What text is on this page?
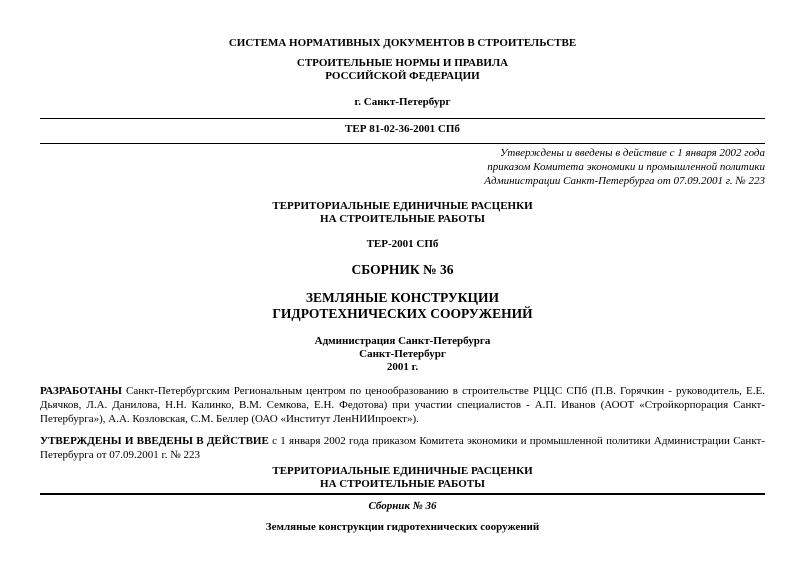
СИСТЕМА НОРМАТИВНЫХ ДОКУМЕНТОВ В СТРОИТЕЛЬСТВЕ
СТРОИТЕЛЬНЫЕ НОРМЫ И ПРАВИЛА
РОССИЙСКОЙ ФЕДЕРАЦИИ
г. Санкт-Петербург
ТЕР 81-02-36-2001 СПб
Утверждены и введены в действие с 1 января 2002 года
приказом Комитета экономики и промышленной политики
Администрации Санкт-Петербурга от 07.09.2001 г. № 223
ТЕРРИТОРИАЛЬНЫЕ ЕДИНИЧНЫЕ РАСЦЕНКИ
НА СТРОИТЕЛЬНЫЕ РАБОТЫ
ТЕР-2001 СПб
СБОРНИК № 36
ЗЕМЛЯНЫЕ КОНСТРУКЦИИ
ГИДРОТЕХНИЧЕСКИХ СООРУЖЕНИЙ
Администрация Санкт-Петербурга
Санкт-Петербург
2001 г.
РАЗРАБОТАНЫ Санкт-Петербургским Региональным центром по ценообразованию в строительстве РЦЦС СПб (П.В. Горячкин - руководитель, Е.Е. Дьячков, Л.А. Данилова, Н.Н. Калинко, В.М. Семкова, Е.Н. Федотова) при участии специалистов - А.П. Иванов (АООТ «Стройкорпорация Санкт-Петербурга»), А.А. Козловская, С.М. Беллер (ОАО «Институт ЛенНИИпроект»).
УТВЕРЖДЕНЫ И ВВЕДЕНЫ В ДЕЙСТВИЕ с 1 января 2002 года приказом Комитета экономики и промышленной политики Администрации Санкт-Петербурга от 07.09.2001 г. № 223
ТЕРРИТОРИАЛЬНЫЕ ЕДИНИЧНЫЕ РАСЦЕНКИ
НА СТРОИТЕЛЬНЫЕ РАБОТЫ
Сборник № 36
Земляные конструкции гидротехнических сооружений
